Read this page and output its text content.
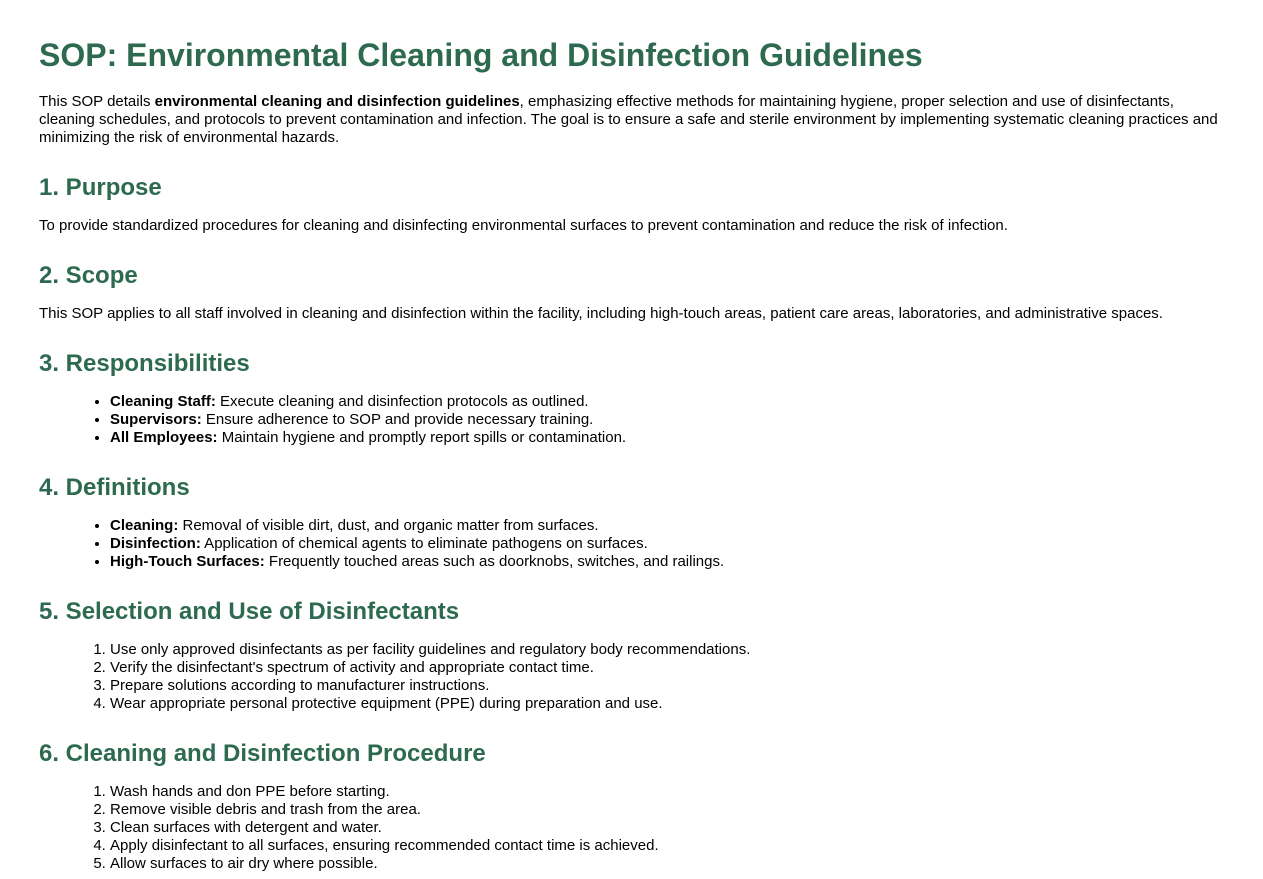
SOP: Environmental Cleaning and Disinfection Guidelines

This SOP details environmental cleaning and disinfection guidelines, emphasizing effective methods for maintaining hygiene, proper selection and use of disinfectants, cleaning schedules, and protocols to prevent contamination and infection. The goal is to ensure a safe and sterile environment by implementing systematic cleaning practices and minimizing the risk of environmental hazards.

1. Purpose

To provide standardized procedures for cleaning and disinfecting environmental surfaces to prevent contamination and reduce the risk of infection.

2. Scope

This SOP applies to all staff involved in cleaning and disinfection within the facility, including high-touch areas, patient care areas, laboratories, and administrative spaces.

3. Responsibilities
• Cleaning Staff: Execute cleaning and disinfection protocols as outlined.
• Supervisors: Ensure adherence to SOP and provide necessary training.
• All Employees: Maintain hygiene and promptly report spills or contamination.
4. Definitions
• Cleaning: Removal of visible dirt, dust, and organic matter from surfaces.
• Disinfection: Application of chemical agents to eliminate pathogens on surfaces.
• High-Touch Surfaces: Frequently touched areas such as doorknobs, switches, and railings.
5. Selection and Use of Disinfectants
1. Use only approved disinfectants as per facility guidelines and regulatory body recommendations.
2. Verify the disinfectant's spectrum of activity and appropriate contact time.
3. Prepare solutions according to manufacturer instructions.
4. Wear appropriate personal protective equipment (PPE) during preparation and use.
6. Cleaning and Disinfection Procedure
1. Wash hands and don PPE before starting.
2. Remove visible debris and trash from the area.
3. Clean surfaces with detergent and water.
4. Apply disinfectant to all surfaces, ensuring recommended contact time is achieved.
5. Allow surfaces to air dry where possible.
